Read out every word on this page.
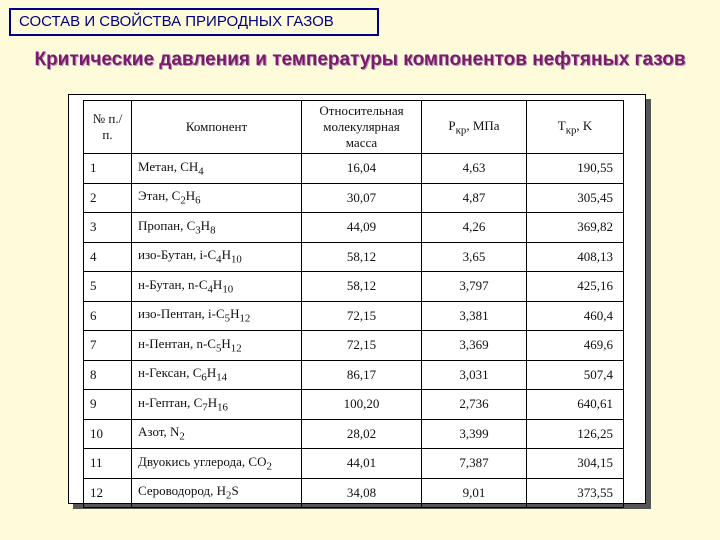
СОСТАВ И СВОЙСТВА ПРИРОДНЫХ ГАЗОВ
Критические давления и температуры компонентов нефтяных газов
№ п./п.	Компонент	Относительная молекулярная масса	$P_{кр}$, МПа	$T_{кр}$, K
1	Метан, $CH_4$	16,04	4,63	190,55
2	Этан, $C_2H_6$	30,07	4,87	305,45
3	Пропан, $C_3H_8$	44,09	4,26	369,82
4	изо-Бутан, $i-C_4H_{10}$	58,12	3,65	408,13
5	н-Бутан, $n-C_4H_{10}$	58,12	3,797	425,16
6	изо-Пентан, $i-C_5H_{12}$	72,15	3,381	460,4
7	н-Пентан, $n-C_5H_{12}$	72,15	3,369	469,6
8	н-Гексан, $C_6H_{14}$	86,17	3,031	507,4
9	н-Гептан, $C_7H_{16}$	100,20	2,736	640,61
10	Азот, $N_2$	28,02	3,399	126,25
11	Двуокись углерода, $CO_2$	44,01	7,387	304,15
12	Сероводород, $H_2S$	34,08	9,01	373,55
